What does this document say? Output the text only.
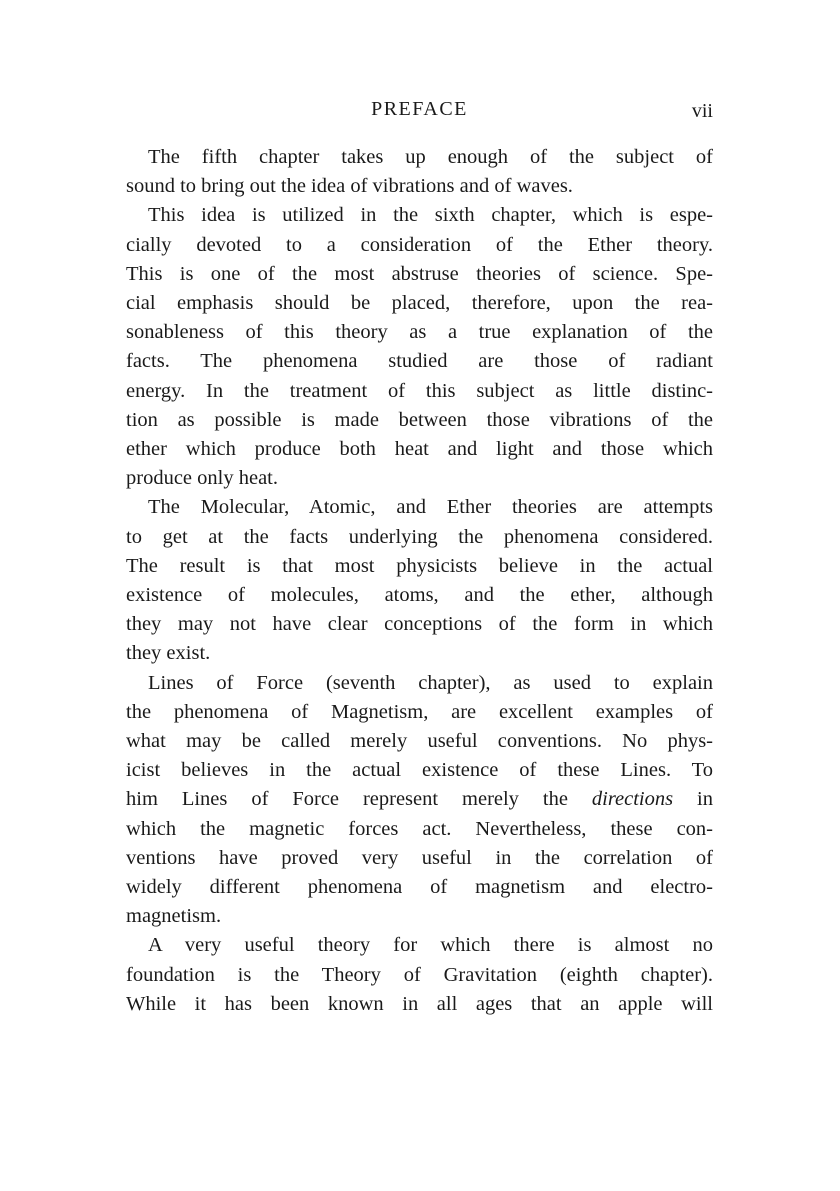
PREFACE	vii
The fifth chapter takes up enough of the subject of
sound to bring out the idea of vibrations and of waves.
This idea is utilized in the sixth chapter, which is espe-
cially devoted to a consideration of the Ether theory.
This is one of the most abstruse theories of science. Spe-
cial emphasis should be placed, therefore, upon the rea-
sonableness of this theory as a true explanation of the
facts. The phenomena studied are those of radiant
energy. In the treatment of this subject as little distinc-
tion as possible is made between those vibrations of the
ether which produce both heat and light and those which
produce only heat.
The Molecular, Atomic, and Ether theories are attempts
to get at the facts underlying the phenomena considered.
The result is that most physicists believe in the actual
existence of molecules, atoms, and the ether, although
they may not have clear conceptions of the form in which
they exist.
Lines of Force (seventh chapter), as used to explain
the phenomena of Magnetism, are excellent examples of
what may be called merely useful conventions. No phys-
icist believes in the actual existence of these Lines. To
him Lines of Force represent merely the directions in
which the magnetic forces act. Nevertheless, these con-
ventions have proved very useful in the correlation of
widely different phenomena of magnetism and electro-
magnetism.
A very useful theory for which there is almost no
foundation is the Theory of Gravitation (eighth chapter).
While it has been known in all ages that an apple will
